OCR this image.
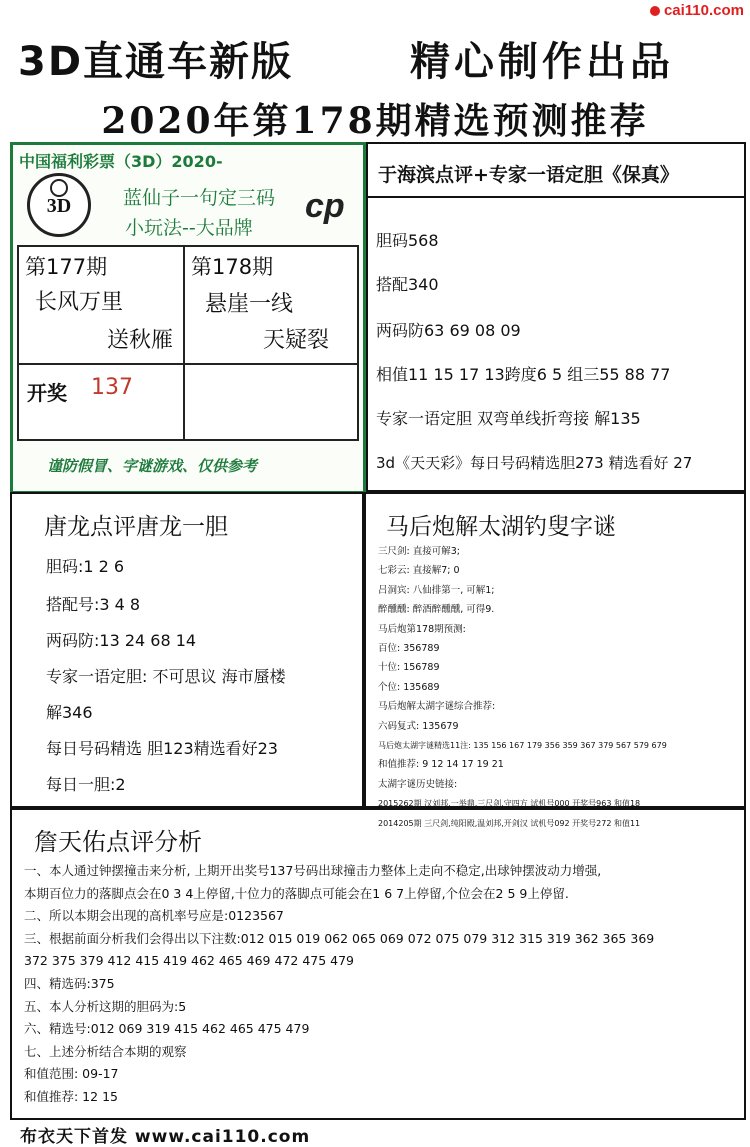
cai110.com
3D直通车新版	精心制作出品
2020年第178期精选预测推荐
中国福利彩票（3D）2020-
3D	蓝仙子一句定三码
小玩法--大品牌
cp
第177期
长风万里
送秋雁
第178期
悬崖一线
天疑裂
开奖 137
谨防假冒、字谜游戏、仅供参考
于海滨点评+专家一语定胆《保真》
胆码568
搭配340
两码防63 69 08 09
相值11 15 17 13跨度6 5 组三55 88 77
专家一语定胆 双弯单线折弯接 解135
3d《天天彩》每日号码精选胆273 精选看好 27
唐龙点评唐龙一胆
胆码:1 2 6
搭配号:3 4 8
两码防:13 24 68 14
专家一语定胆: 不可思议 海市蜃楼
解346
每日号码精选 胆123精选看好23
每日一胆:2
马后炮解太湖钓叟字谜
三尺剑: 直接可解3;
七彩云: 直接解7; 0
吕洞宾: 八仙排第一, 可解1;
醉醺醺: 醉酒醉醺醺, 可得9.
马后炮第178期预测:
百位: 356789
十位: 156789
个位: 135689
马后炮解太湖字谜综合推荐:
六码复式: 135679
马后炮太湖字谜精选11注: 135 156 167 179 356 359 367 379 567 579 679
和值推荐: 9 12 14 17 19 21
太湖字谜历史链接:
2015262期 汉刘邦,一举鼎,三尺剑,守四方 试机号000 开奖号963 和值18
2014205期 三尺剑,纯阳殿,温刘邦,开剑汉 试机号092 开奖号272 和值11
詹天佑点评分析
一、本人通过钟摆撞击来分析, 上期开出奖号137号码出球撞击力整体上走向不稳定,出球钟摆波动力增强,
本期百位力的落脚点会在0 3 4上停留,十位力的落脚点可能会在1 6 7上停留,个位会在2 5 9上停留.
二、所以本期会出现的高机率号应是:0123567
三、根据前面分析我们会得出以下注数:012 015 019 062 065 069 072 075 079 312 315 319 362 365 369
372 375 379 412 415 419 462 465 469 472 475 479
四、精选码:375
五、本人分析这期的胆码为:5
六、精选号:012 069 319 415 462 465 475 479
七、上述分析结合本期的观察
和值范围: 09-17
和值推荐: 12 15
布衣天下首发 www.cai110.com
